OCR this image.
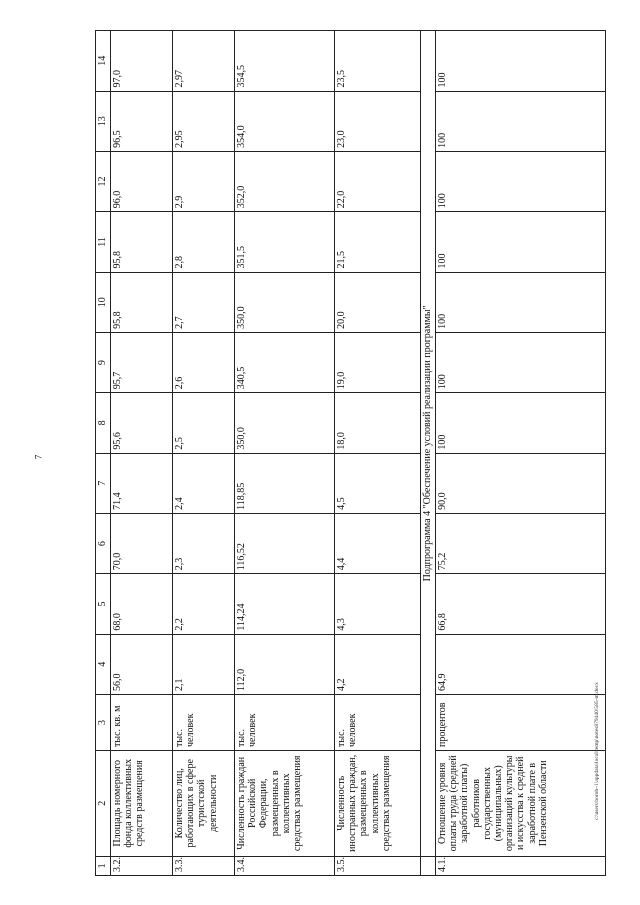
7
1	2	3	4	5	6	7	8	9	10	11	12	13	14
3.2.	Площадь номерного фонда коллективных средств размещения	тыс. кв. м	56,0	68,0	70,0	71,4	95,6	95,7	95,8	95,8	96,0	96,5	97,0
3.3.	Количество лиц, работающих в сфере туристской деятельности	тыс. человек	2,1	2,2	2,3	2,4	2,5	2,6	2,7	2,8	2,9	2,95	2,97
3.4.	Численность граждан Российской Федерации, размещенных в коллективных средствах размещения	тыс. человек	112,0	114,24	116,52	118,85	350,0	340,5	350,0	351,5	352,0	354,0	354,5
3.5.	Численность иностранных граждан, размещенных в коллективных средствах размещения	тыс. человек	4,2	4,3	4,4	4,5	18,0	19,0	20,0	21,5	22,0	23,0	23,5
	Подпрограмма 4 "Обеспечение условий реализации программы"												
4.1.	Отношение уровня оплаты труда (средней заработной платы) работников государственных (муниципальных) организаций культуры и искусства к средней заработной плате в Пензенской области	процентов	64,9	66,8	75,2	90,0	100	100	100	100	100	100	100
c:\users\boroh~1\appdata\local\temp\notes879440\585-m.docx
